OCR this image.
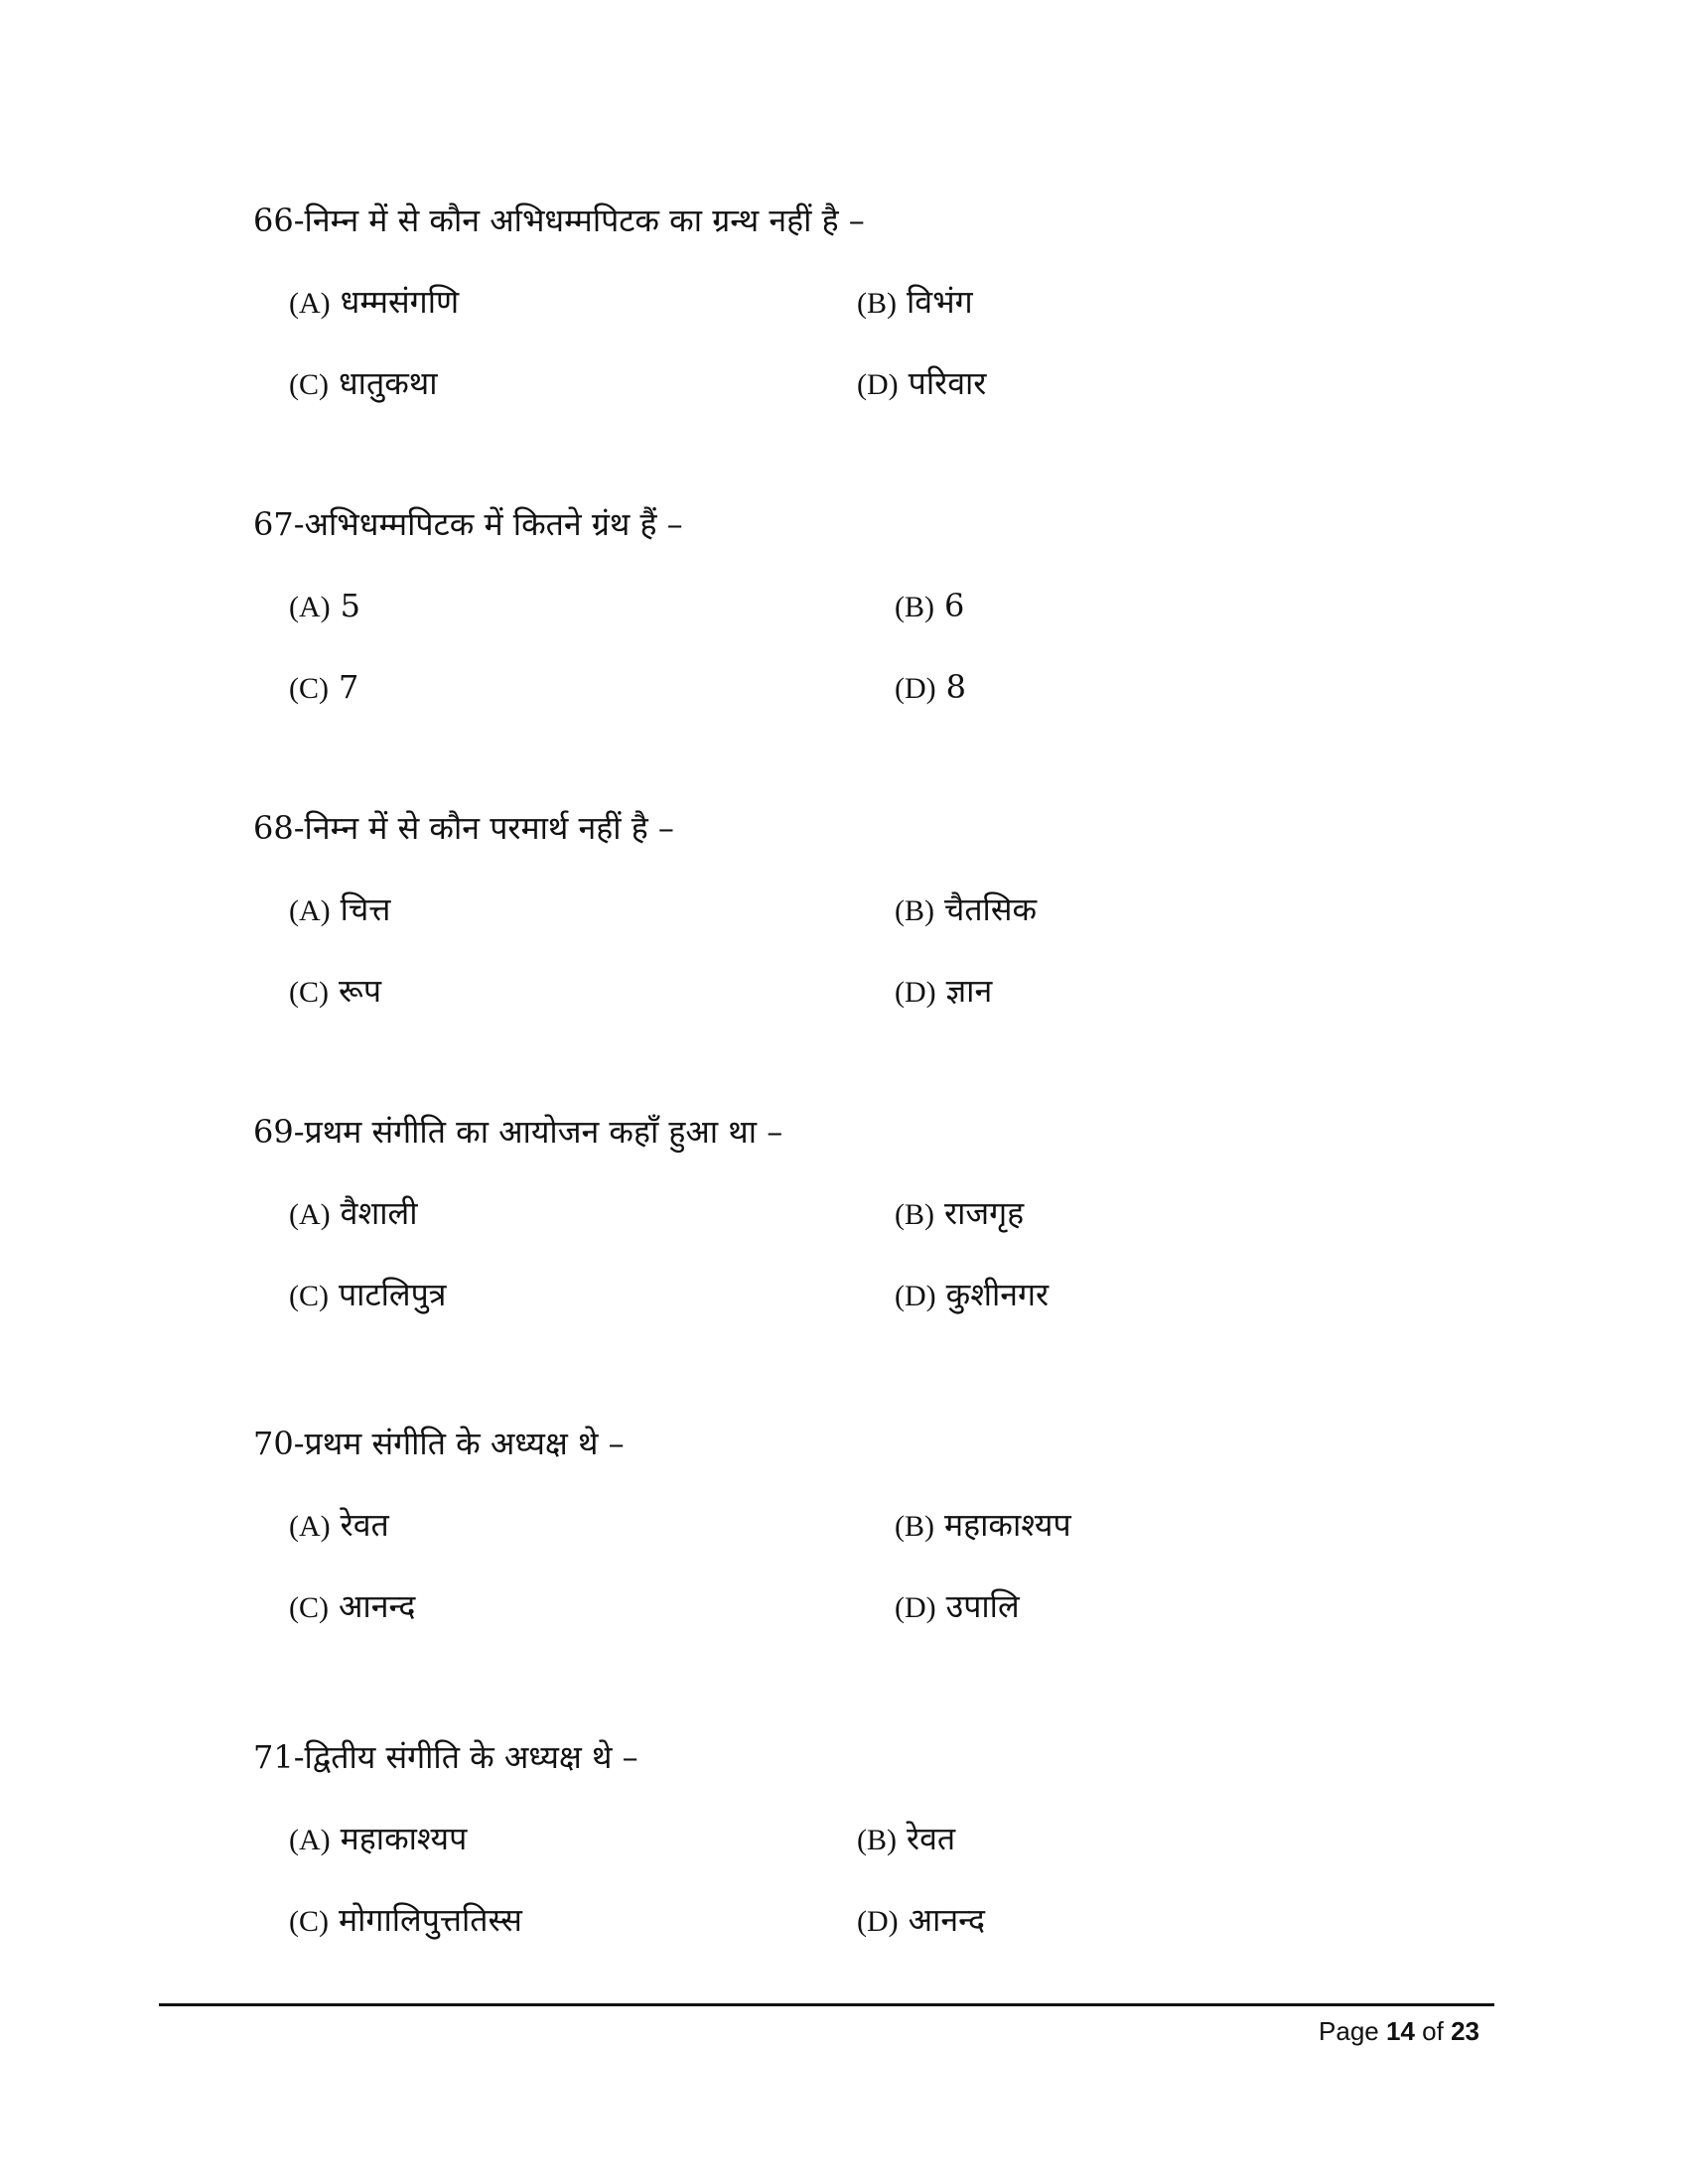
66-निम्न में से कौन अभिधम्मपिटक का ग्रन्थ नहीं है –
(A) धम्मसंगणि	(B) विभंग
(C) धातुकथा	(D) परिवार
67-अभिधम्मपिटक में कितने ग्रंथ हैं –
(A) 5	(B) 6
(C) 7	(D) 8
68-निम्न में से कौन परमार्थ नहीं है –
(A) चित्त	(B) चैतसिक
(C) रूप	(D) ज्ञान
69-प्रथम संगीति का आयोजन कहाँ हुआ था –
(A) वैशाली	(B) राजगृह
(C) पाटलिपुत्र	(D) कुशीनगर
70-प्रथम संगीति के अध्यक्ष थे –
(A) रेवत	(B) महाकाश्यप
(C) आनन्द	(D) उपालि
71-द्वितीय संगीति के अध्यक्ष थे –
(A) महाकाश्यप	(B) रेवत
(C) मोगालिपुत्ततिस्स	(D) आनन्द
Page 14 of 23
